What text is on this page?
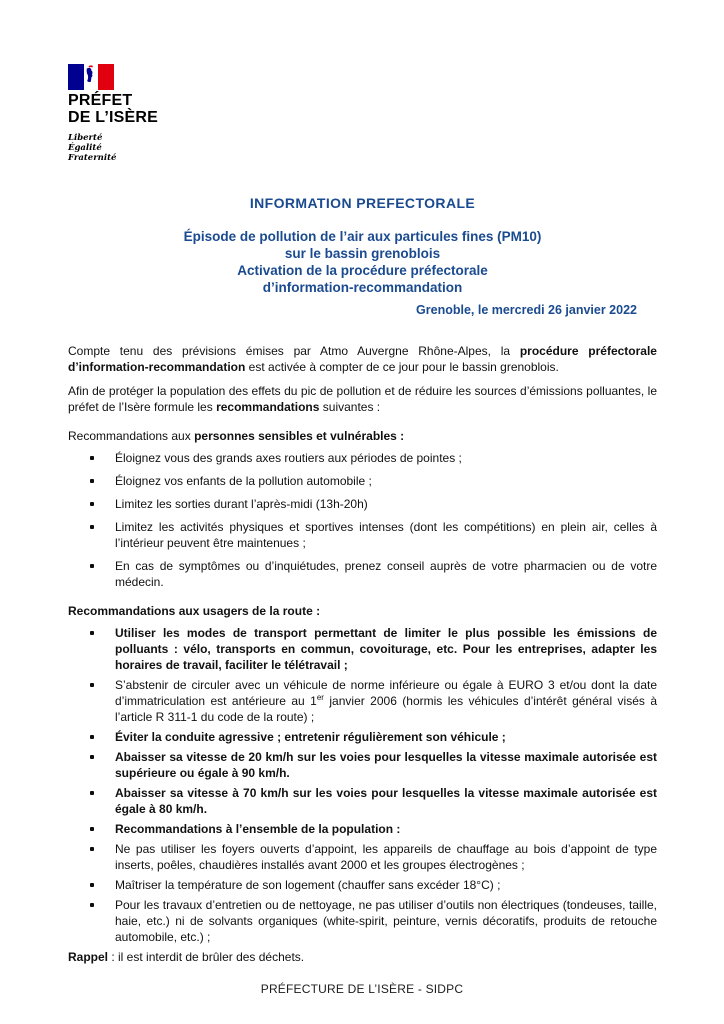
PRÉFET
DE L’ISÈRE
Liberté
Égalité
Fraternité
INFORMATION PREFECTORALE
Épisode de pollution de l’air aux particules fines (PM10)
sur le bassin grenoblois
Activation de la procédure préfectorale
d’information-recommandation
Grenoble, le mercredi 26 janvier 2022

Compte tenu des prévisions émises par Atmo Auvergne Rhône-Alpes, la procédure préfectorale d’information-recommandation est activée à compter de ce jour pour le bassin grenoblois.

Afin de protéger la population des effets du pic de pollution et de réduire les sources d’émissions polluantes, le préfet de l’Isère formule les recommandations suivantes :

Recommandations aux personnes sensibles et vulnérables :
Éloignez vous des grands axes routiers aux périodes de pointes ;
Éloignez vos enfants de la pollution automobile ;
Limitez les sorties durant l’après-midi (13h-20h)
Limitez les activités physiques et sportives intenses (dont les compétitions) en plein air, celles à l’intérieur peuvent être maintenues ;
En cas de symptômes ou d’inquiétudes, prenez conseil auprès de votre pharmacien ou de votre médecin.
Recommandations aux usagers de la route :
Utiliser les modes de transport permettant de limiter le plus possible les émissions de polluants : vélo, transports en commun, covoiturage, etc. Pour les entreprises, adapter les horaires de travail, faciliter le télétravail ;
S’abstenir de circuler avec un véhicule de norme inférieure ou égale à EURO 3 et/ou dont la date d’immatriculation est antérieure au 1er janvier 2006 (hormis les véhicules d’intérêt général visés à l’article R 311-1 du code de la route) ;
Éviter la conduite agressive ; entretenir régulièrement son véhicule ;
Abaisser sa vitesse de 20 km/h sur les voies pour lesquelles la vitesse maximale autorisée est supérieure ou égale à 90 km/h.
Abaisser sa vitesse à 70 km/h sur les voies pour lesquelles la vitesse maximale autorisée est égale à 80 km/h.
Recommandations à l’ensemble de la population :
Ne pas utiliser les foyers ouverts d’appoint, les appareils de chauffage au bois d’appoint de type inserts, poêles, chaudières installés avant 2000 et les groupes électrogènes ;
Maîtriser la température de son logement (chauffer sans excéder 18°C) ;
Pour les travaux d’entretien ou de nettoyage, ne pas utiliser d’outils non électriques (tondeuses, taille, haie, etc.) ni de solvants organiques (white-spirit, peinture, vernis décoratifs, produits de retouche automobile, etc.) ;

Rappel : il est interdit de brûler des déchets.

PRÉFECTURE DE L’ISÈRE - SIDPC
